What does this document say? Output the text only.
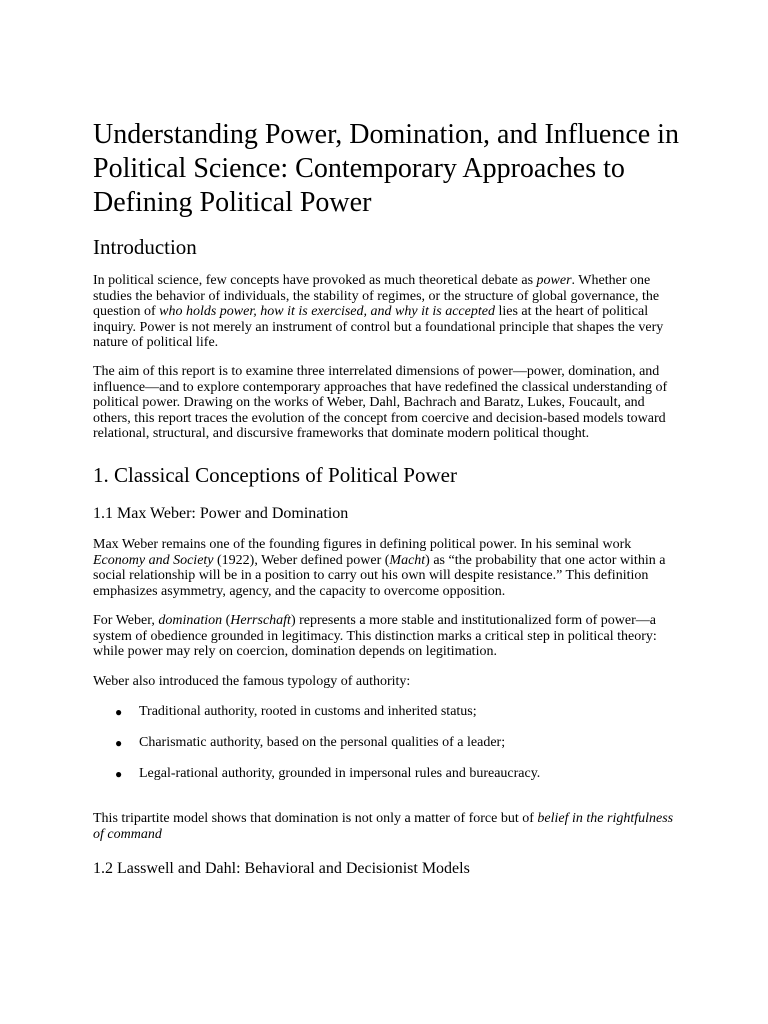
Understanding Power, Domination, and Influence in Political Science: Contemporary Approaches to Defining Political Power
Introduction

In political science, few concepts have provoked as much theoretical debate as power. Whether one studies the behavior of individuals, the stability of regimes, or the structure of global governance, the question of who holds power, how it is exercised, and why it is accepted lies at the heart of political inquiry. Power is not merely an instrument of control but a foundational principle that shapes the very nature of political life.

The aim of this report is to examine three interrelated dimensions of power—power, domination, and influence—and to explore contemporary approaches that have redefined the classical understanding of political power. Drawing on the works of Weber, Dahl, Bachrach and Baratz, Lukes, Foucault, and others, this report traces the evolution of the concept from coercive and decision-based models toward relational, structural, and discursive frameworks that dominate modern political thought.

1. Classical Conceptions of Political Power
1.1 Max Weber: Power and Domination

Max Weber remains one of the founding figures in defining political power. In his seminal work Economy and Society (1922), Weber defined power (Macht) as “the probability that one actor within a social relationship will be in a position to carry out his own will despite resistance.” This definition emphasizes asymmetry, agency, and the capacity to overcome opposition.

For Weber, domination (Herrschaft) represents a more stable and institutionalized form of power—a system of obedience grounded in legitimacy. This distinction marks a critical step in political theory: while power may rely on coercion, domination depends on legitimation.

Weber also introduced the famous typology of authority:

● Traditional authority, rooted in customs and inherited status;
● Charismatic authority, based on the personal qualities of a leader;
● Legal-rational authority, grounded in impersonal rules and bureaucracy.

This tripartite model shows that domination is not only a matter of force but of belief in the rightfulness of command

1.2 Lasswell and Dahl: Behavioral and Decisionist Models
